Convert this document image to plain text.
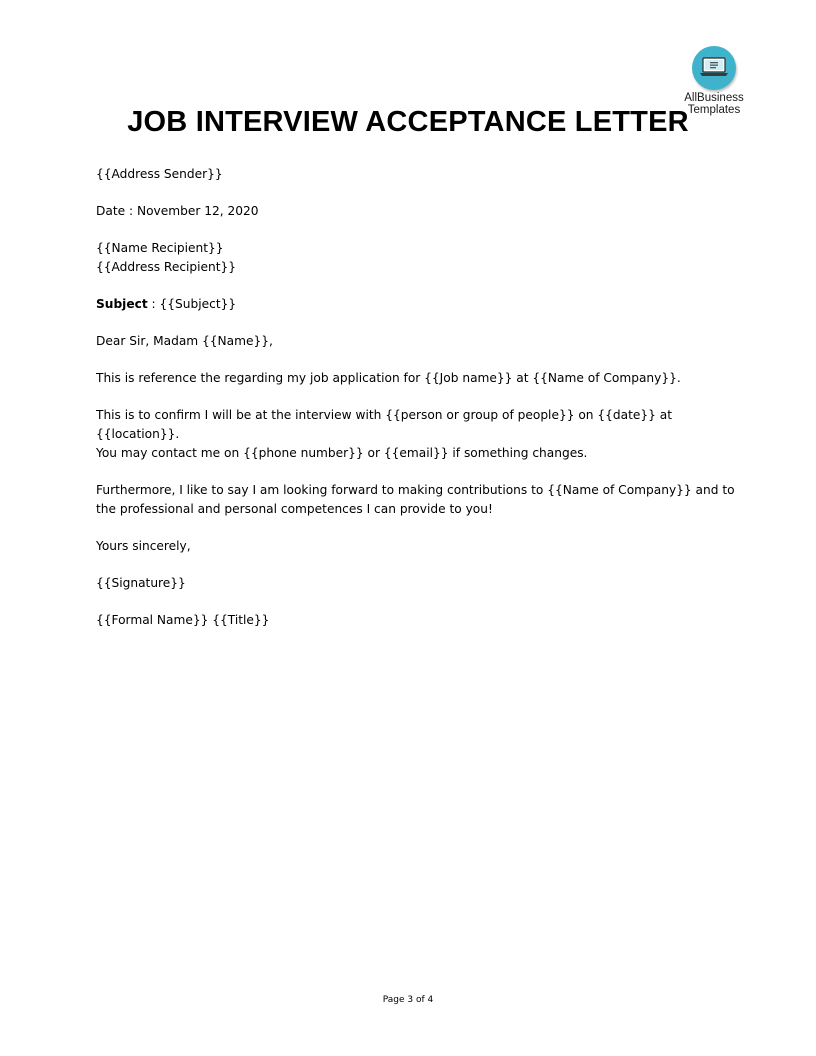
AllBusiness
Templates
JOB INTERVIEW ACCEPTANCE LETTER

{{Address Sender}}

Date : November 12, 2020

{{Name Recipient}}

{{Address Recipient}}

Subject : {{Subject}}

Dear Sir, Madam {{Name}},

This is reference the regarding my job application for {{Job name}} at {{Name of Company}}.

This is to confirm I will be at the interview with {{person or group of people}} on {{date}} at {{location}}.
You may contact me on {{phone number}} or {{email}} if something changes.

Furthermore, I like to say I am looking forward to making contributions to {{Name of Company}} and to
the professional and personal competences I can provide to you!

Yours sincerely,

{{Signature}}

{{Formal Name}} {{Title}}

Page 3 of 4
